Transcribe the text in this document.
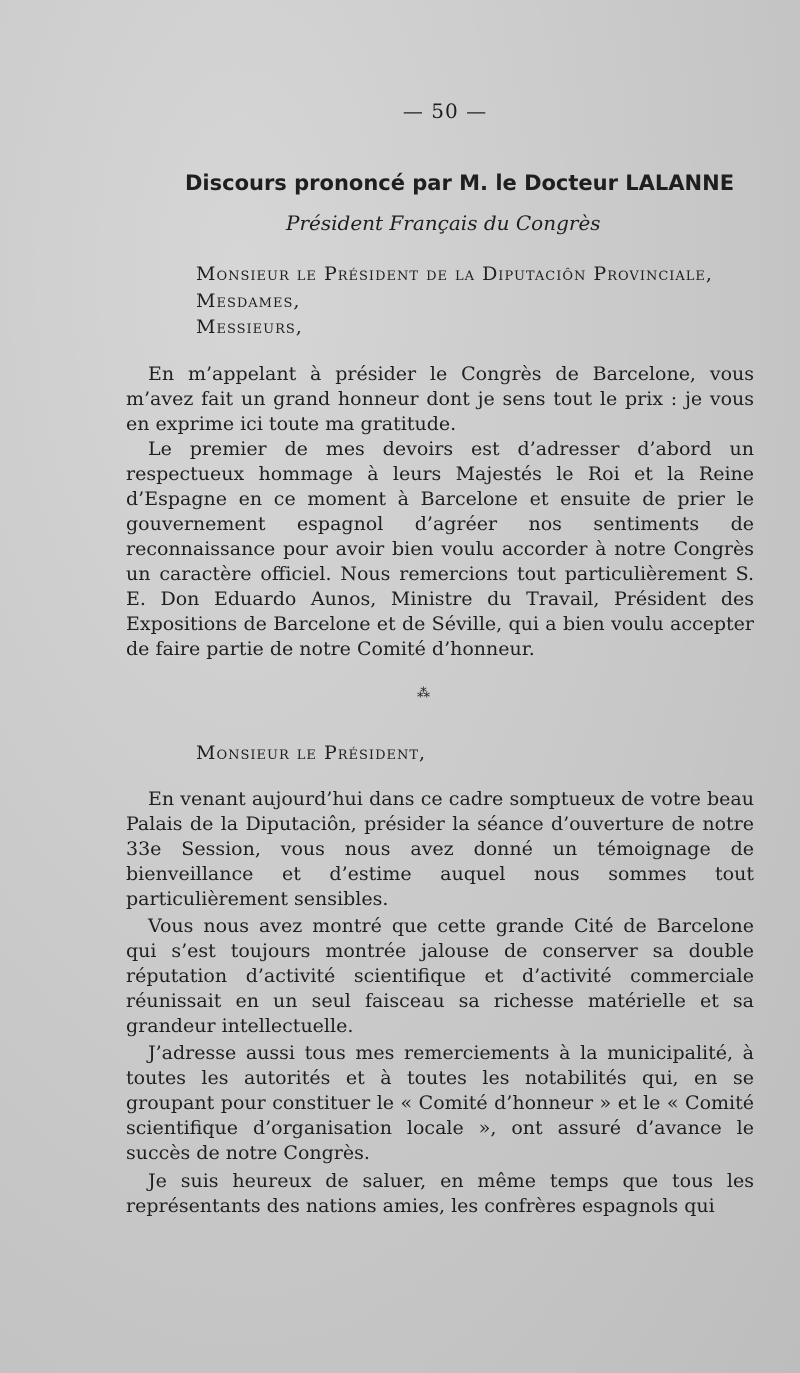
— 50 —
Discours prononcé par M. le Docteur LALANNE
Président Français du Congrès
Monsieur le Président de la Diputaciôn Provinciale,
Mesdames,
Messieurs,
En m’appelant à présider le Congrès de Barcelone, vous m’avez fait un grand honneur dont je sens tout le prix : je vous en exprime ici toute ma gratitude.
Le premier de mes devoirs est d’adresser d’abord un respectueux hommage à leurs Majestés le Roi et la Reine d’Espagne en ce moment à Barcelone et ensuite de prier le gouvernement espagnol d’agréer nos sentiments de reconnaissance pour avoir bien voulu accorder à notre Congrès un caractère officiel. Nous remercions tout particulièrement S. E. Don Eduardo Aunos, Ministre du Travail, Président des Expositions de Barcelone et de Séville, qui a bien voulu accepter de faire partie de notre Comité d’honneur.
⁂
Monsieur le Président,
En venant aujourd’hui dans ce cadre somptueux de votre beau Palais de la Diputaciôn, présider la séance d’ouverture de notre 33e Session, vous nous avez donné un témoignage de bienveillance et d’estime auquel nous sommes tout particulièrement sensibles.
Vous nous avez montré que cette grande Cité de Barcelone qui s’est toujours montrée jalouse de conserver sa double réputation d’activité scientifique et d’activité commerciale réunissait en un seul faisceau sa richesse matérielle et sa grandeur intellectuelle.
J’adresse aussi tous mes remerciements à la municipalité, à toutes les autorités et à toutes les notabilités qui, en se groupant pour constituer le « Comité d’honneur » et le « Comité scientifique d’organisation locale », ont assuré d’avance le succès de notre Congrès.
Je suis heureux de saluer, en même temps que tous les représentants des nations amies, les confrères espagnols qui
